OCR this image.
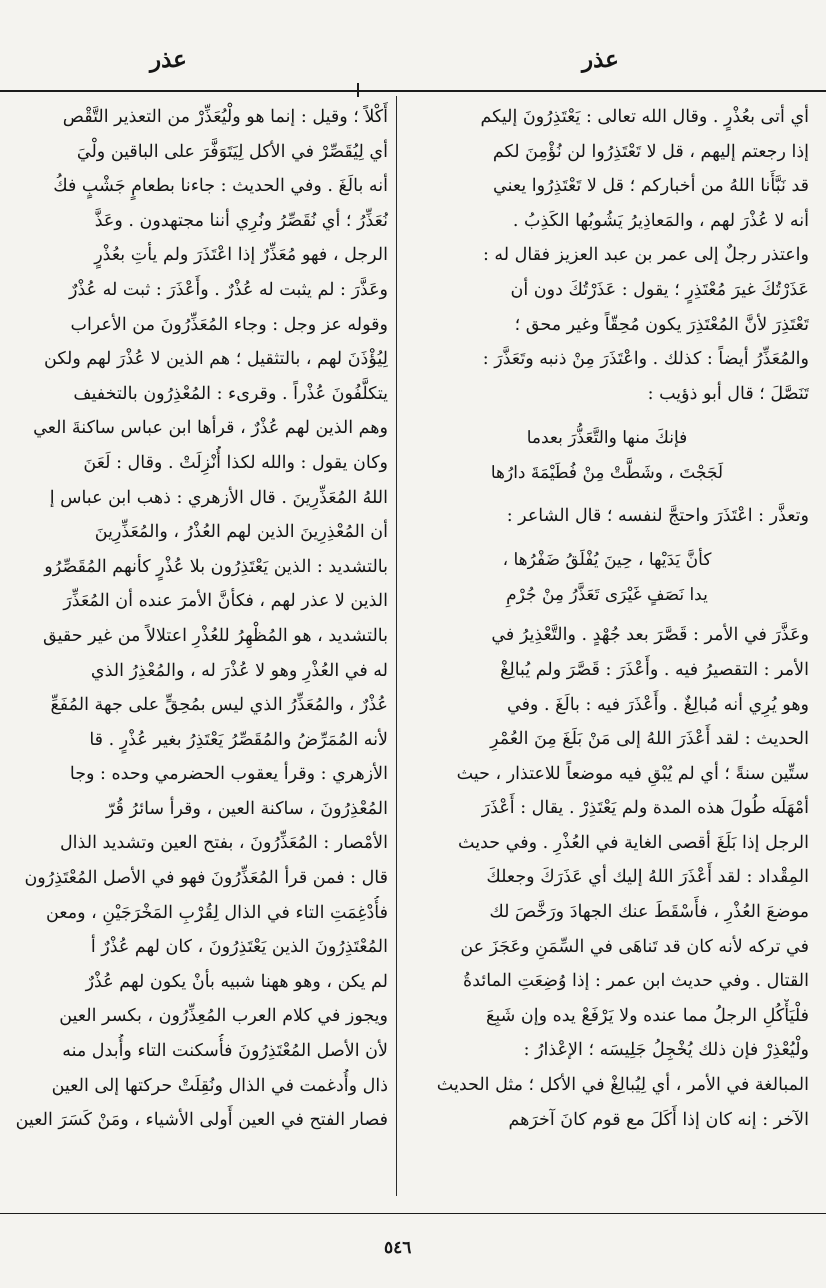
عذر
عذر
أي أتى بعُذْرٍ . وقال الله تعالى : يَعْتَذِرُونَ إليكم
إذا رجعتم إليهم ، قل لا تَعْتَذِرُوا لن نُؤْمِنَ لكم
قد نَبَّأَنا اللهُ من أخباركم ؛ قل لا تَعْتَذِرُوا يعني
أنه لا عُذْرَ لهم ، والمَعاذِيرُ يَشُوبُها الكَذِبُ .
واعتذر رجلٌ إلى عمر بن عبد العزيز فقال له :
عَذَرْتُكَ غيرَ مُعْتَذِرٍ ؛ يقول : عَذَرْتُكَ دون أن
تَعْتَذِرَ لأنَّ المُعْتَذِرَ يكون مُحِقّاً وغير محق ؛
والمُعَذِّرُ أيضاً : كذلك . واعْتَذَرَ مِنْ ذنبه وتَعَذَّرَ :
تَنَصَّلَ ؛ قال أبو ذؤيب :
فإنكَ منها والتَّعَذُّرَ بعدما
لَجَجْتَ ، وشَطَّتْ مِنْ فُطَيْمَةَ دارُها
وتعذَّر : اعْتَذَرَ واحتجَّ لنفسه ؛ قال الشاعر :
كأنَّ يَدَيْها ، حِينَ يُفْلَقُ ضَفْرُها ،
يدا نَصَفٍ غَيْرَى تَعَذَّرُ مِنْ جُرْمِ
وعَذَّرَ في الأمر : قَصَّرَ بعد جُهْدٍ . والتَّعْذِيرُ في
الأمر : التقصيرُ فيه . وأَعْذَرَ : قَصَّرَ ولم يُبالِغْ
وهو يُرِي أنه مُبالِغٌ . وأَعْذَرَ فيه : بالَغَ . وفي
الحديث : لقد أَعْذَرَ اللهُ إلى مَنْ بَلَغَ مِنَ العُمْرِ
ستِّين سنةً ؛ أي لم يُبْقِ فيه موضعاً للاعتذار ، حيث
أمْهَلَه طُولَ هذه المدة ولم يَعْتَذِرْ . يقال : أَعْذَرَ
الرجل إذا بَلَغَ أقصى الغاية في العُذْرِ . وفي حديث
المِقْداد : لقد أَعْذَرَ اللهُ إليك أي عَذَرَكَ وجعلكَ
موضعَ العُذْرِ ، فأَسْقَطَ عنك الجهادَ ورَخَّصَ لك
في تركه لأنه كان قد تَناهَى في السِّمَنِ وعَجَزَ عن
القتال . وفي حديث ابن عمر : إذا وُضِعَتِ المائدةُ
فلْيَأْكُلِ الرجلُ مما عنده ولا يَرْفَعْ يده وإن شَبِعَ
ولْيُعْذِرْ فإن ذلك يُخْجِلُ جَلِيسَه ؛ الإعْذارُ :
المبالغة في الأمر ، أي لِيُبالِغْ في الأكل ؛ مثل الحديث
الآخر : إنه كان إذا أَكَلَ مع قوم كانَ آخرَهم
أَكْلاً ؛ وقيل : إنما هو ولْيُعَذِّرْ من التعذير التَّقْص
أي لِيُقَصِّرْ في الأكل لِيَتَوَفَّرَ على الباقين ولْيَ
أنه بالَغَ . وفي الحديث : جاءنا بطعامٍ جَشْبٍ فكُ
نُعَذِّرُ ؛ أي نُقَصِّرُ ونُرِي أننا مجتهدون . وعَذَّ
الرجل ، فهو مُعَذِّرٌ إذا اعْتَذَرَ ولم يأتِ بعُذْرٍ
وعَذَّرَ : لم يثبت له عُذْرٌ . وأَعْذَرَ : ثبت له عُذْرٌ
وقوله عز وجل : وجاء المُعَذِّرُونَ من الأعراب
لِيُؤْذَنَ لهم ، بالتثقيل ؛ هم الذين لا عُذْرَ لهم ولكن
يتكلَّفُونَ عُذْراً . وقرىء : المُعْذِرُون بالتخفيف
وهم الذين لهم عُذْرٌ ، قرأها ابن عباس ساكنةَ العي
وكان يقول : والله لكذا أُنْزِلَتْ . وقال : لَعَنَ
اللهُ المُعَذِّرِينَ . قال الأزهري : ذهب ابن عباس إ
أن المُعْذِرِينَ الذين لهم العُذْرُ ، والمُعَذِّرِينَ
بالتشديد : الذين يَعْتَذِرُون بلا عُذْرٍ كأنهم المُقَصِّرُو
الذين لا عذر لهم ، فكأنَّ الأمرَ عنده أن المُعَذِّرَ
بالتشديد ، هو المُظْهِرُ للعُذْرِ اعتلالاً من غير حقيق
له في العُذْرِ وهو لا عُذْرَ له ، والمُعْذِرُ الذي
عُذْرٌ ، والمُعَذِّرُ الذي ليس بمُحِقٍّ على جهة المُفَعِّ
لأنه المُمَرِّضُ والمُقَصِّرُ يَعْتَذِرُ بغير عُذْرٍ . قا
الأزهري : وقرأ يعقوب الحضرمي وحده : وجا
المُعْذِرُونَ ، ساكنة العين ، وقرأ سائرُ قُرّ
الأمْصار : المُعَذِّرُونَ ، بفتح العين وتشديد الذال
قال : فمن قرأ المُعَذِّرُونَ فهو في الأصل المُعْتَذِرُون
فأُدْغِمَتِ التاء في الذال لِقُرْبِ المَخْرَجَيْنِ ، ومعن
المُعْتَذِرُونَ الذين يَعْتَذِرُونَ ، كان لهم عُذْرٌ أ
لم يكن ، وهو ههنا شبيه بأنْ يكون لهم عُذْرٌ
ويجوز في كلام العرب المُعِذِّرُون ، بكسر العين
لأن الأصل المُعْتَذِرُونَ فأُسكنت التاء وأُبدل منه
ذال وأُدغمت في الذال ونُقِلَتْ حركتها إلى العين
فصار الفتح في العين أَولى الأشياء ، ومَنْ كَسَرَ العين
٥٤٦
